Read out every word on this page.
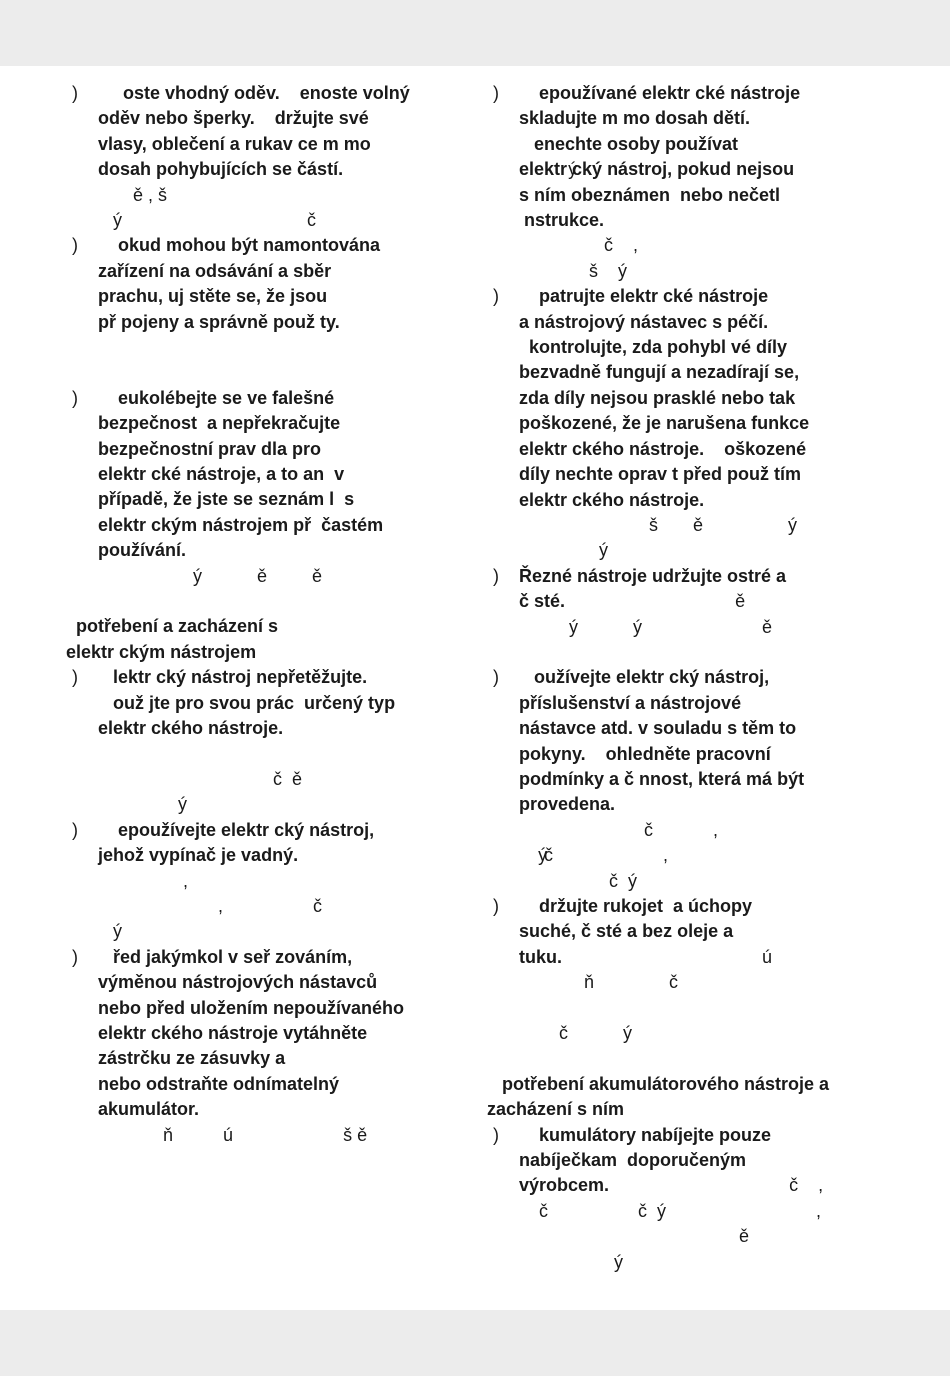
) oste vhodný oděv.    enoste volný
oděv nebo šperky.    držujte své
vlasy, oblečení a rukav ce m mo
dosah pohybujících se částí.                                             ý
ě , š
ý                                     č
) okud mohou být namontována
zařízení na odsávání a sběr
prachu, uj stěte se, že jsou
př pojeny a správně použ ty.
) eukolébejte se ve falešné
bezpečnost  a nepřekračujte
bezpečnostní prav dla pro
elektr cké nástroje, a to an  v
případě, že jste se seznám l  s
elektr ckým nástrojem př  častém
používání.
ý           ě         ě
potřebení a zacházení s
elektr ckým nástrojem
) lektr cký nástroj nepřetěžujte.
ouž jte pro svou prác  určený typ
elektr ckého nástroje.
č  ě
ý
) epoužívejte elektr cký nástroj,
jehož vypínač je vadný.                                                ý
,
,                  č
ý
) řed jakýmkol v seř zováním,
výměnou nástrojových nástavců
nebo před uložením nepoužívaného
elektr ckého nástroje vytáhněte
zástrčku ze zásuvky a
nebo odstraňte odnímatelný
akumulátor.
ň          ú                      š ě
) epoužívané elektr cké nástroje
skladujte m mo dosah dětí.
enechte osoby používat
elektr cký nástroj, pokud nejsou
s ním obeznámen  nebo nečetl
nstrukce.
č    ,
š    ý
) patrujte elektr cké nástroje
a nástrojový nástavec s péčí.
kontrolujte, zda pohybl vé díly
bezvadně fungují a nezadírají se,
zda díly nejsou prasklé nebo tak
poškozené, že je narušena funkce
elektr ckého nástroje.    oškozené
díly nechte oprav t před použ tím
elektr ckého nástroje.
š       ě                 ý
ý
) Řezné nástroje udržujte ostré a
č sté.                                  ě
ý           ý                        ě
) oužívejte elektr cký nástroj,
příslušenství a nástrojové
nástavce atd. v souladu s těm to
pokyny.    ohledněte pracovní
podmínky a č nnost, která má být
provedena.
č            ,
č                      ,
č  ý
) držujte rukojet  a úchopy
suché, č sté a bez oleje a
tuku.                                        ú
ň               č
č           ý
potřebení akumulátorového nástroje a
zacházení s ním
) kumulátory nabíjejte pouze
nabíječkam  doporučeným
výrobcem.                                    č    ,
č                  č  ý                              ,
ě
ý
